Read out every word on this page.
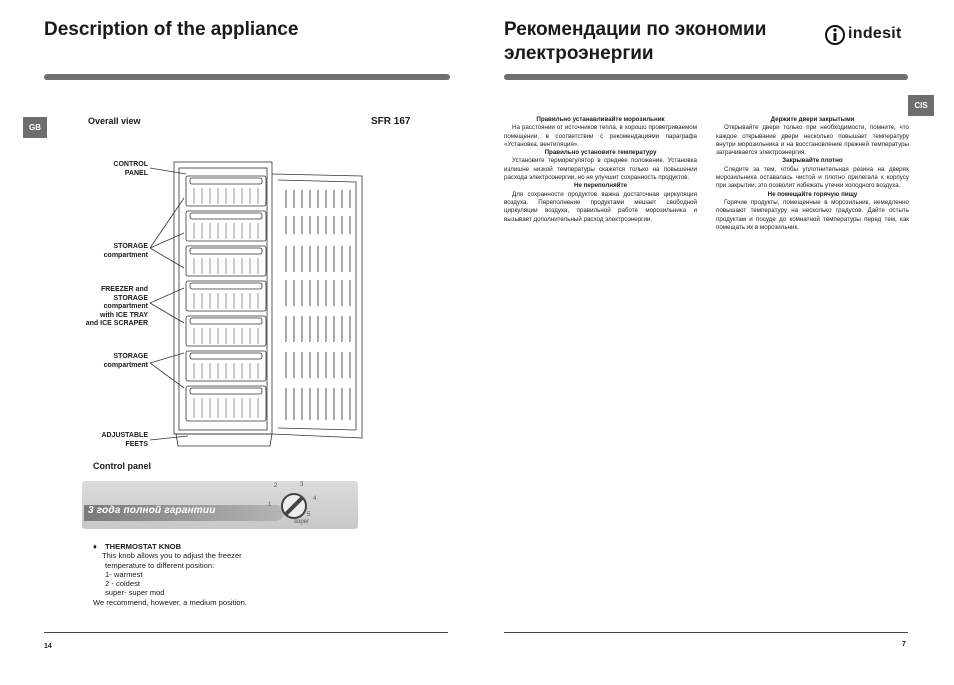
Description of the appliance
GB
Overall view	SFR 167
CONTROL
PANEL
STORAGE
compartment
FREEZER and
STORAGE
compartment
with ICE TRAY
and ICE SCRAPER
STORAGE
compartment
ADJUSTABLE
FEETS
Control panel
3 года полной гарантии
2	3
4
1
5
super
♦ THERMOSTAT KNOB
This knob allows you to adjust the freezer
temperature to different position:
1- warmest
2 - coldest
super- super mod
We recommend, however, a medium position.
14
Рекомендации по экономии
электроэнергии
indesit
CIS
Правильно устанавливайте морозильник

На расстоянии от источников тепла, в хорошо проветриваемом помещении, в соответствии с рекомендациями параграфа «Установка, вентиляция».

Правильно установите температуру

Установите терморегулятор в среднее положение. Установка излишне низкой температуры скажется только на повышении расхода электроэнергии, но не улучшит сохранность продуктов.

Не переполняйте

Для сохранности продуктов важна достаточная циркуляция воздуха. Переполнение продуктами мешает свободной циркуляции воздуха, правильной работе морозильника и вызывает дополнительный расход электроэнергии.

Держите двери закрытыми

Открывайте двери только при необходимости, помните, что каждое открывание двери несколько повышает температуру внутри морозильника и на восстановление прежней температуры затрачивается электроэнергия.

Закрывайте плотно

Следите за тем, чтобы уплотнительная резина на дверях морозильника оставалась чистой и плотно прилегала к корпусу при закрытии, это позволит избежать утечки холодного воздуха.

Не помещайте горячую пищу

Горячие продукты, помещенные в морозильник, немедленно повышают температуру на несколько градусов. Дайте остыть продуктам и посуде до комнатной температуры перед тем, как помещать их в морозильник.

7
